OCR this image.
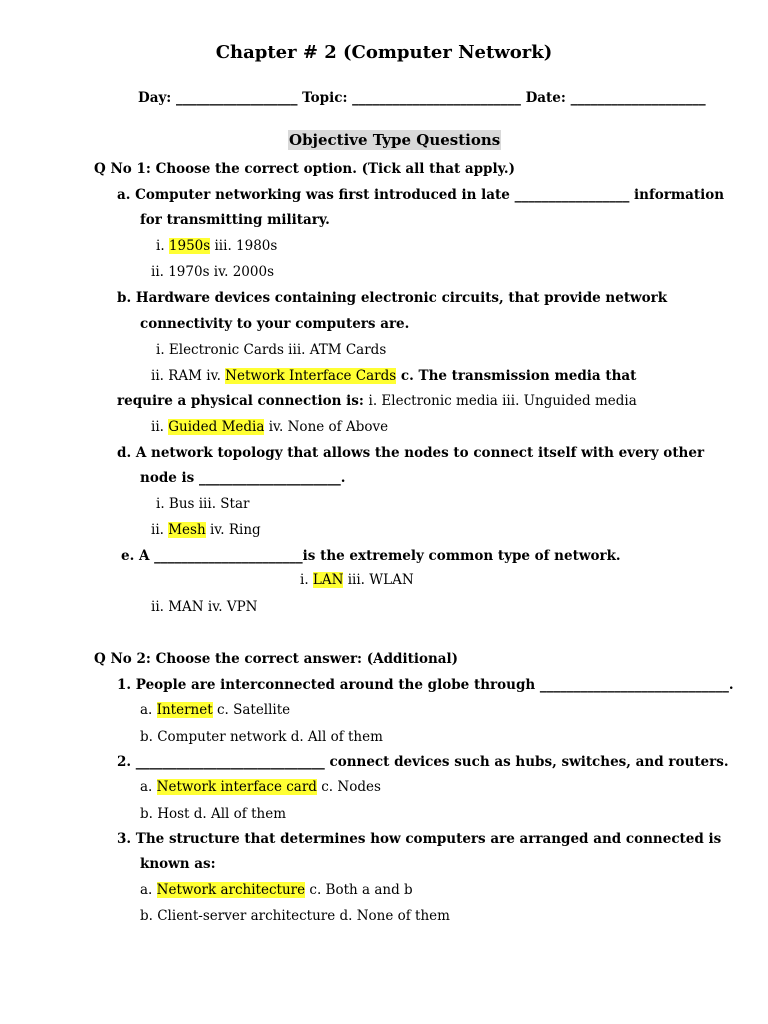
Chapter # 2 (Computer Network)
Day: __________________ Topic: _________________________ Date: ____________________
Objective Type Questions
Q No 1: Choose the correct option. (Tick all that apply.)
a. Computer networking was first introduced in late _________________ information
for transmitting military.
i. 1950s iii. 1980s
ii. 1970s iv. 2000s
b. Hardware devices containing electronic circuits, that provide network
connectivity to your computers are.
i. Electronic Cards iii. ATM Cards
ii. RAM iv. Network Interface Cards c. The transmission media that
require a physical connection is: i. Electronic media iii. Unguided media
ii. Guided Media iv. None of Above
d. A network topology that allows the nodes to connect itself with every other
node is _____________________.
i. Bus iii. Star
ii. Mesh iv. Ring
e. A ______________________is the extremely common type of network.
i. LAN iii. WLAN
ii. MAN iv. VPN
Q No 2: Choose the correct answer: (Additional)
1. People are interconnected around the globe through ____________________________.
a. Internet c. Satellite
b. Computer network d. All of them
2. ____________________________ connect devices such as hubs, switches, and routers.
a. Network interface card c. Nodes
b. Host d. All of them
3. The structure that determines how computers are arranged and connected is
known as:
a. Network architecture c. Both a and b
b. Client-server architecture d. None of them
